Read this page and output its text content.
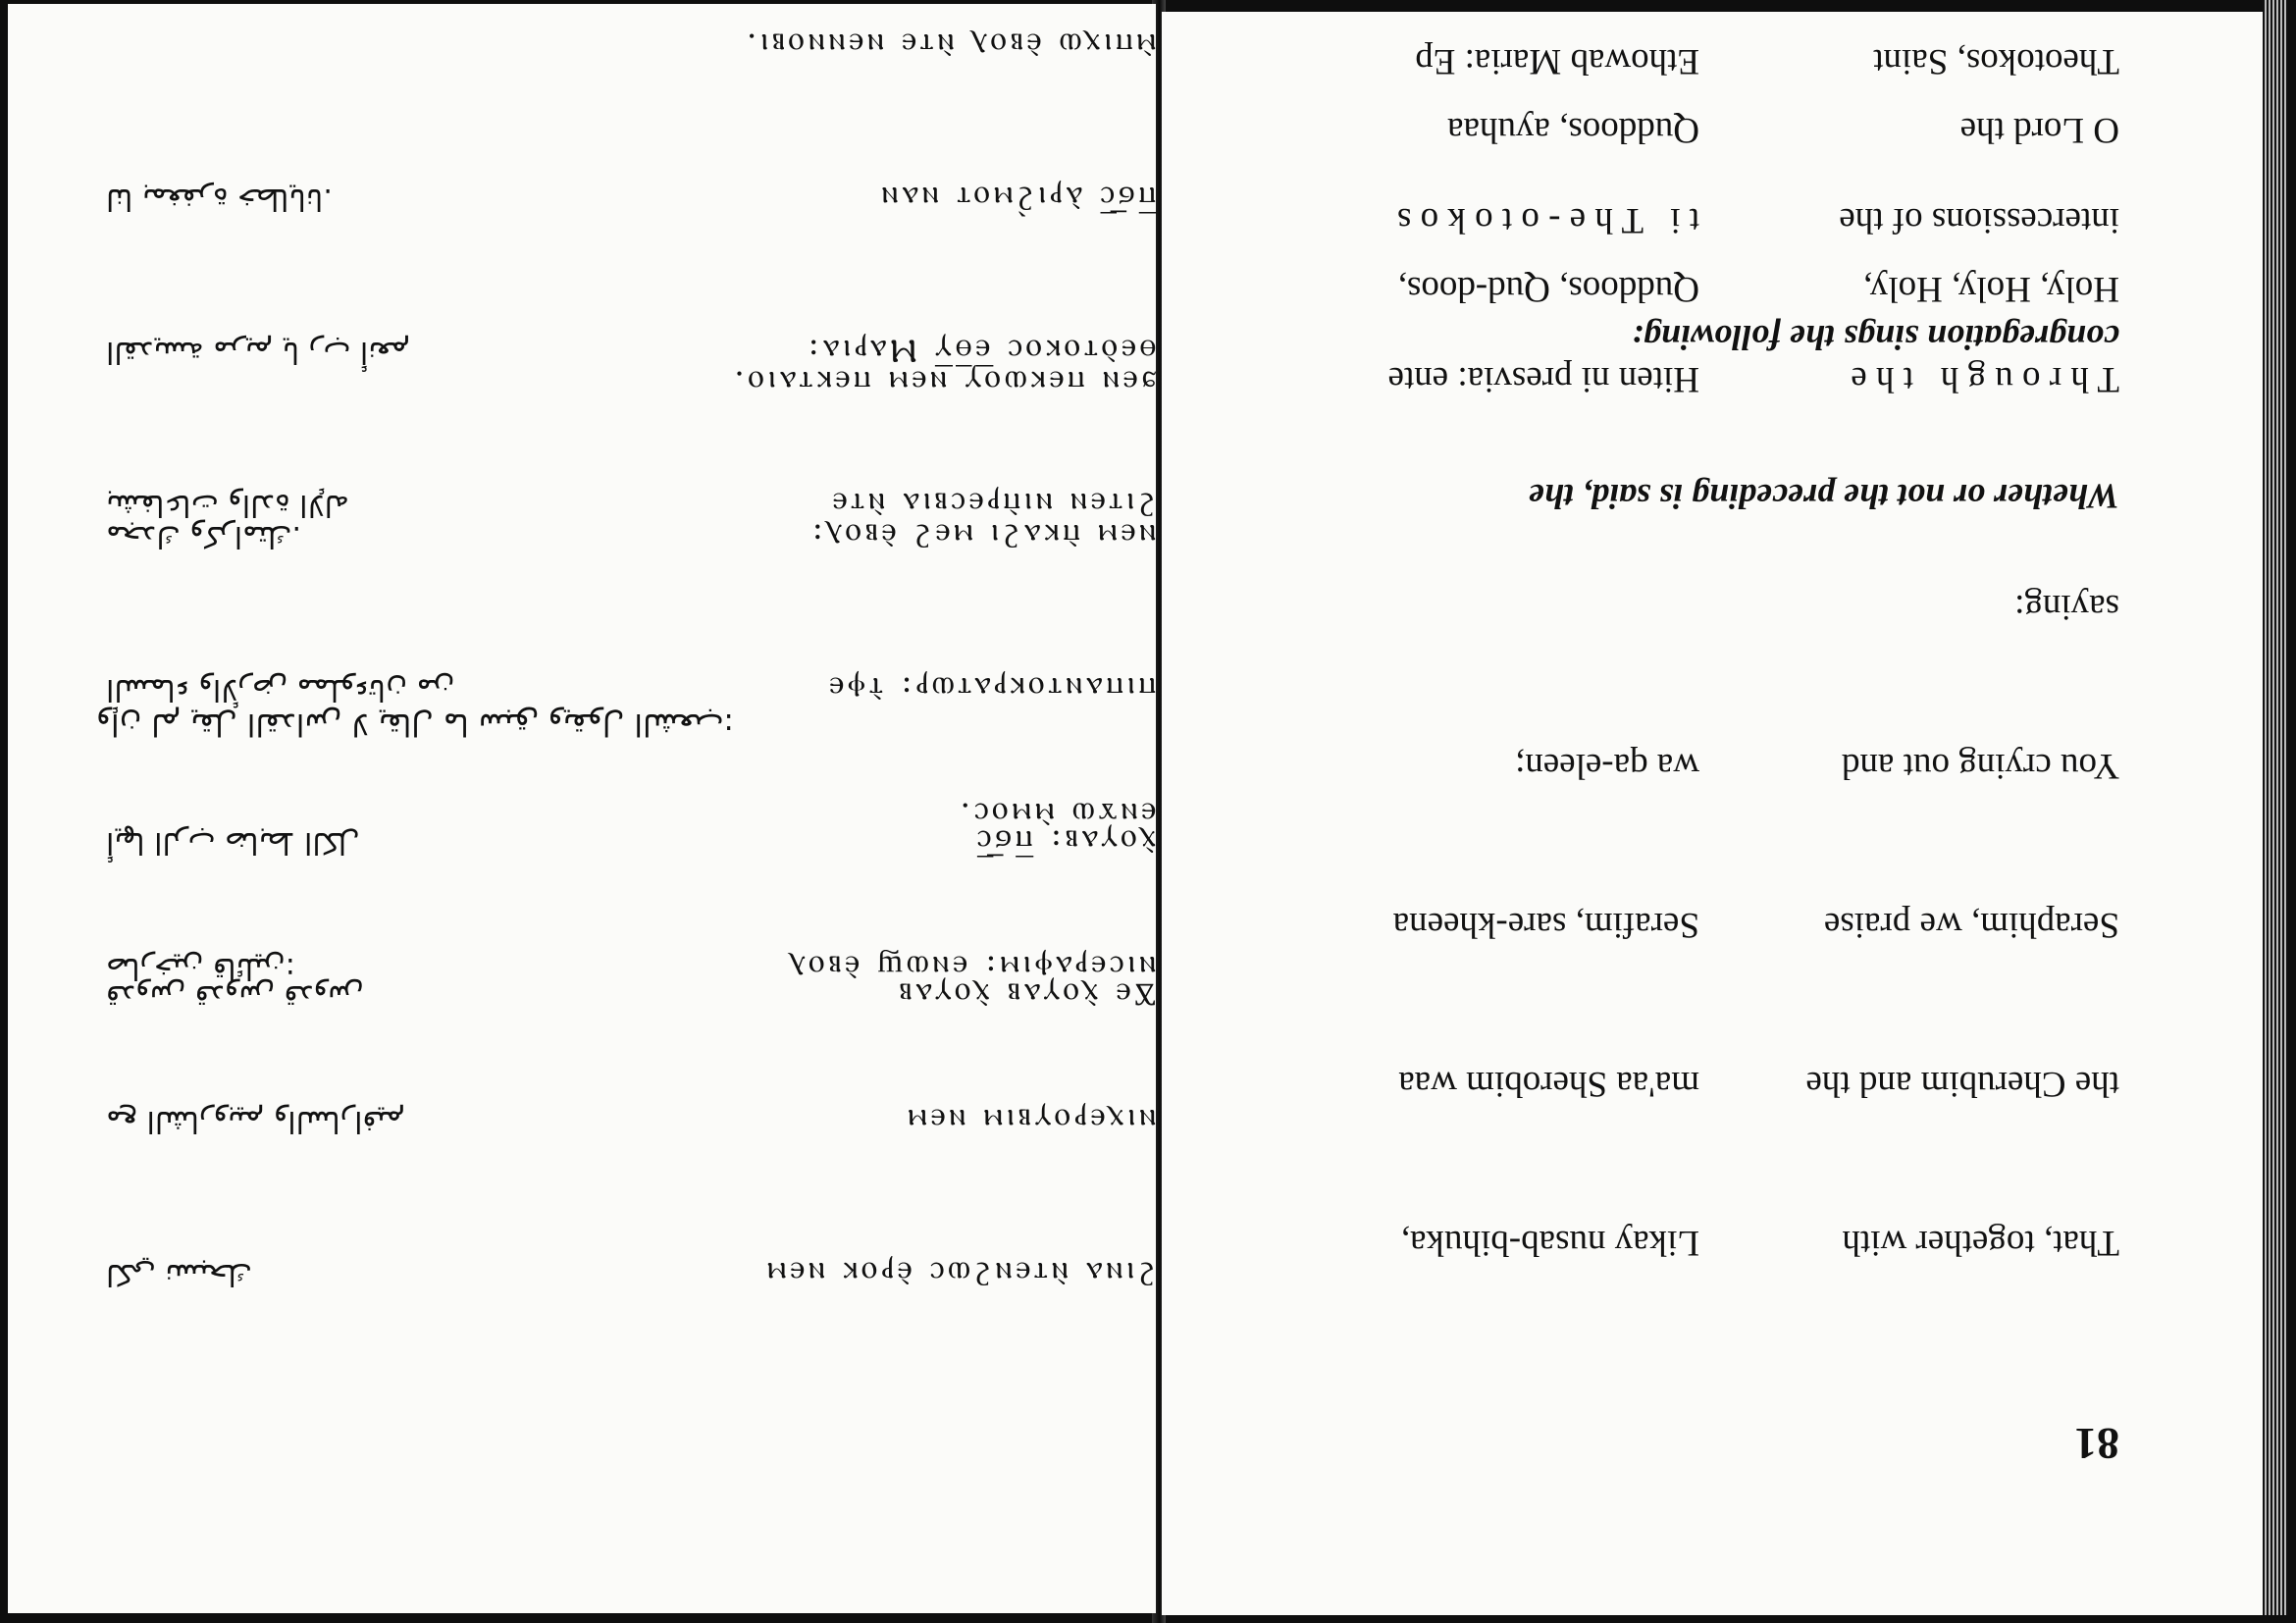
81

That, together with

the Cherubim and the

Seraphim, we praise

You crying out and

saying:

Holy, Holy, Holy,

O Lord the

Likay nusab-bihuka,

ma'aa Sherobim waa

Serafim, sare-kheena

wa qa-eleen;

Quddoos, Qud-doos,

Quddoos, ayuhaa

Whether or not the preceding is said, the

congregation sings the following:

T h r o u g h   t h e

intercessions of the

Theotokos, Saint

Hiten ni presvia: ente

t i   T h e - o t o k o s

Ethowab Maria: Ep

ϩⲓⲛⲁ ⲛ̀ⲧⲉⲛϩⲱⲥ ⲉ̀ⲣⲟⲕ ⲛⲉⲙ

ⲛⲓⲭⲉⲣⲟⲩⲃⲓⲙ ⲛⲉⲙ

ⲛⲓⲥⲉⲣⲁⲫⲓⲙ: ⲉⲛⲱϣ ⲉ̀ⲃⲟⲗ

ⲉⲛϫⲱ ⲙ̀ⲙⲟⲥ.

لكي نسبحك

مع الشاروبيم والسارافيم

صارخين قائلين:

Ϫⲉ ⲭ̀ⲟⲩⲁⲃ ⲭ̀ⲟⲩⲁⲃ

ⲭ̀ⲟⲩⲁⲃ: ⲡ̅ϭ̅ⲥ̅

ⲡⲓⲡⲁⲛⲧⲟⲕⲣⲁⲧⲱⲣ: ⲧ̀ⲫⲉ

ⲛⲉⲙ ⲡ̀ⲕⲁϩⲓ ⲙⲉϩ ⲉ̀ⲃⲟⲗ:

ϧⲉⲛ ⲡⲉⲕⲱⲟⲩ ⲛⲉⲙ ⲡⲉⲕⲧⲁⲓⲟ.

قدوس قدوس قدوس

أيها الرب ضابط الكل

السماء والأرض مملوءتان من

مجدك وكرامتك.

وإن لم يقل القداس لا يقال ما سبق ويقول الشعب:

ϩⲓⲧⲉⲛ ⲛⲓⲡ̀ⲣⲉⲥⲃⲓⲁ ⲛ̀ⲧⲉ

ⲑⲉⲟ̀ⲧⲟⲕⲟⲥ ⲉ̅ⲑ̅ⲩ̅ Ⲙⲁⲣⲓⲁ:

ⲡ̅ϭ̅ⲥ̅ ⲁ̀ⲣⲓϩ̀ⲙⲟⲧ ⲛⲁⲛ

ⲙ̀ⲡⲓⲭⲱ ⲉ̀ⲃⲟⲗ ⲛ̀ⲧⲉ ⲛⲉⲛⲛⲟⲃⲓ.

بشفاعات والدة الإله

القديسة مريم يا رب أنعم

لنا بمغفرة خطايانا.
